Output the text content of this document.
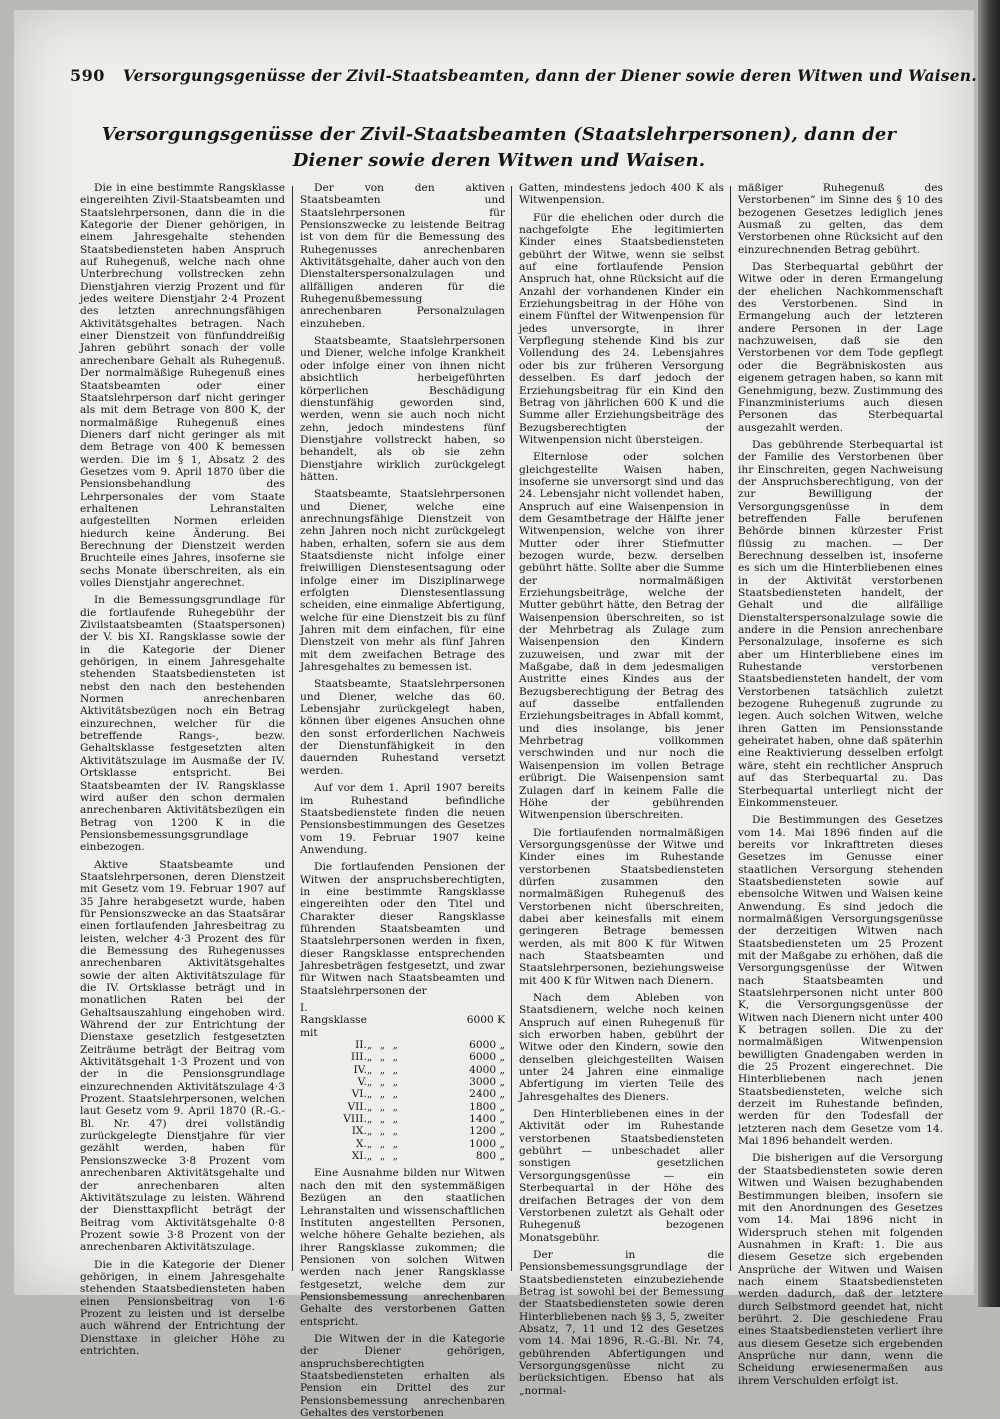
590 Versorgungsgenüsse der Zivil-Staatsbeamten, dann der Diener sowie deren Witwen und Waisen.
Versorgungsgenüsse der Zivil-Staatsbeamten (Staatslehrpersonen), dann der Diener sowie deren Witwen und Waisen.

Die in eine bestimmte Rangsklasse eingereihten Zivil-Staatsbeamten und Staatslehrpersonen, dann die in die Kategorie der Diener gehörigen, in einem Jahresgehalte stehenden Staatsbediensteten haben Anspruch auf Ruhegenuß, welche nach ohne Unterbrechung vollstrecken zehn Dienstjahren vierzig Prozent und für jedes weitere Dienstjahr 2·4 Prozent des letzten anrechnungsfähigen Aktivitätsgehaltes betragen. Nach einer Dienstzeit von fünfunddreißig Jahren gebührt sonach der volle anrechenbare Gehalt als Ruhegenuß. Der normalmäßige Ruhegenuß eines Staatsbeamten oder einer Staatslehrperson darf nicht geringer als mit dem Betrage von 800 K, der normalmäßige Ruhegenuß eines Dieners darf nicht geringer als mit dem Betrage von 400 K bemessen werden. Die im § 1, Absatz 2 des Gesetzes vom 9. April 1870 über die Pensionsbehandlung des Lehrpersonales der vom Staate erhaltenen Lehranstalten aufgestellten Normen erleiden hiedurch keine Änderung. Bei Berechnung der Dienstzeit werden Bruchteile eines Jahres, insoferne sie sechs Monate überschreiten, als ein volles Dienstjahr angerechnet.

In die Bemessungsgrundlage für die fortlaufende Ruhegebühr der Zivilstaatsbeamten (Staatspersonen) der V. bis XI. Rangsklasse sowie der in die Kategorie der Diener gehörigen, in einem Jahresgehalte stehenden Staatsbediensteten ist nebst den nach den bestehenden Normen anrechenbaren Aktivitätsbezügen noch ein Betrag einzurechnen, welcher für die betreffende Rangs-, bezw. Gehaltsklasse festgesetzten alten Aktivitätszulage im Ausmaße der IV. Ortsklasse entspricht. Bei Staatsbeamten der IV. Rangsklasse wird außer den schon dermalen anrechenbaren Aktivitätsbezügen ein Betrag von 1200 K in die Pensionsbemessungsgrundlage einbezogen.

Aktive Staatsbeamte und Staatslehrpersonen, deren Dienstzeit mit Gesetz vom 19. Februar 1907 auf 35 Jahre herabgesetzt wurde, haben für Pensionszwecke an das Staatsärar einen fortlaufenden Jahresbeitrag zu leisten, welcher 4·3 Prozent des für die Bemessung des Ruhegenusses anrechenbaren Aktivitätsgehaltes sowie der alten Aktivitätszulage für die IV. Ortsklasse beträgt und in monatlichen Raten bei der Gehaltsauszahlung eingehoben wird. Während der zur Entrichtung der Dienstaxe gesetzlich festgesetzten Zeiträume beträgt der Beitrag vom Aktivitätsgehalt 1·3 Prozent und von der in die Pensionsgrundlage einzurechnenden Aktivitätszulage 4·3 Prozent. Staatslehrpersonen, welchen laut Gesetz vom 9. April 1870 (R.-G.-Bl. Nr. 47) drei vollständig zurückgelegte Dienstjahre für vier gezählt werden, haben für Pensionszwecke 3·8 Prozent vom anrechenbaren Aktivitätsgehalte und der anrechenbaren alten Aktivitätszulage zu leisten. Während der Diensttaxpflicht beträgt der Beitrag vom Aktivitätsgehalte 0·8 Prozent sowie 3·8 Prozent von der anrechenbaren Aktivitätszulage.

Die in die Kategorie der Diener gehörigen, in einem Jahresgehalte stehenden Staatsbediensteten haben einen Pensionsbeitrag von 1·6 Prozent zu leisten und ist derselbe auch während der Entrichtung der Diensttaxe in gleicher Höhe zu entrichten.

Der von den aktiven Staatsbeamten und Staatslehrpersonen für Pensionszwecke zu leistende Beitrag ist von dem für die Bemessung des Ruhegenusses anrechenbaren Aktivitätsgehalte, daher auch von den Dienstalterspersonalzulagen und allfälligen anderen für die Ruhegenußbemessung anrechenbaren Personalzulagen einzuheben.

Staatsbeamte, Staatslehrpersonen und Diener, welche infolge Krankheit oder infolge einer von ihnen nicht absichtlich herbeigeführten körperlichen Beschädigung dienstunfähig geworden sind, werden, wenn sie auch noch nicht zehn, jedoch mindestens fünf Dienstjahre vollstreckt haben, so behandelt, als ob sie zehn Dienstjahre wirklich zurückgelegt hätten.

Staatsbeamte, Staatslehrpersonen und Diener, welche eine anrechnungsfähige Dienstzeit von zehn Jahren noch nicht zurückgelegt haben, erhalten, sofern sie aus dem Staatsdienste nicht infolge einer freiwilligen Dienstesentsagung oder infolge einer im Disziplinarwege erfolgten Dienstesentlassung scheiden, eine einmalige Abfertigung, welche für eine Dienstzeit bis zu fünf Jahren mit dem einfachen, für eine Dienstzeit von mehr als fünf Jahren mit dem zweifachen Betrage des Jahresgehaltes zu bemessen ist.

Staatsbeamte, Staatslehrpersonen und Diener, welche das 60. Lebensjahr zurückgelegt haben, können über eigenes Ansuchen ohne den sonst erforderlichen Nachweis der Dienstunfähigkeit in den dauernden Ruhestand versetzt werden.

Auf vor dem 1. April 1907 bereits im Ruhestand befindliche Staatsbedienstete finden die neuen Pensionsbestimmungen des Gesetzes vom 19. Februar 1907 keine Anwendung.

Die fortlaufenden Pensionen der Witwen der anspruchsberechtigten, in eine bestimmte Rangsklasse eingereihten oder den Titel und Charakter dieser Rangsklasse führenden Staatsbeamten und Staatslehrpersonen werden in fixen, dieser Rangsklasse entsprechenden Jahresbeträgen festgesetzt, und zwar für Witwen nach Staatsbeamten und Staatslehrpersonen der

I. Rangsklasse mit		6000 K
II.	„ „ „	6000 „
III.	„ „ „	6000 „
IV.	„ „ „	4000 „
V.	„ „ „	3000 „
VI.	„ „ „	2400 „
VII.	„ „ „	1800 „
VIII.	„ „ „	1400 „
IX.	„ „ „	1200 „
X.	„ „ „	1000 „
XI.	„ „ „	800 „

Eine Ausnahme bilden nur Witwen nach den mit den systemmäßigen Bezügen an den staatlichen Lehranstalten und wissenschaftlichen Instituten angestellten Personen, welche höhere Gehalte beziehen, als ihrer Rangsklasse zukommen; die Pensionen von solchen Witwen werden nach jener Rangsklasse festgesetzt, welche dem zur Pensionsbemessung anrechenbaren Gehalte des verstorbenen Gatten entspricht.

Die Witwen der in die Kategorie der Diener gehörigen, anspruchsberechtigten Staatsbediensteten erhalten als Pension ein Drittel des zur Pensionsbemessung anrechenbaren Gehaltes des verstorbenen

Gatten, mindestens jedoch 400 K als Witwenpension.

Für die ehelichen oder durch die nachgefolgte Ehe legitimierten Kinder eines Staatsbediensteten gebührt der Witwe, wenn sie selbst auf eine fortlaufende Pension Anspruch hat, ohne Rücksicht auf die Anzahl der vorhandenen Kinder ein Erziehungsbeitrag in der Höhe von einem Fünftel der Witwenpension für jedes unversorgte, in ihrer Verpflegung stehende Kind bis zur Vollendung des 24. Lebensjahres oder bis zur früheren Versorgung desselben. Es darf jedoch der Erziehungsbeitrag für ein Kind den Betrag von jährlichen 600 K und die Summe aller Erziehungsbeiträge des Bezugsberechtigten der Witwenpension nicht übersteigen.

Elternlose oder solchen gleichgestellte Waisen haben, insoferne sie unversorgt sind und das 24. Lebensjahr nicht vollendet haben, Anspruch auf eine Waisenpension in dem Gesamtbetrage der Hälfte jener Witwenpension, welche von ihrer Mutter oder ihrer Stiefmutter bezogen wurde, bezw. derselben gebührt hätte. Sollte aber die Summe der normalmäßigen Erziehungsbeiträge, welche der Mutter gebührt hätte, den Betrag der Waisenpension überschreiten, so ist der Mehrbetrag als Zulage zum Waisenpension den Kindern zuzuweisen, und zwar mit der Maßgabe, daß in dem jedesmaligen Austritte eines Kindes aus der Bezugsberechtigung der Betrag des auf dasselbe entfallenden Erziehungsbeitrages in Abfall kommt, und dies insolange, bis jener Mehrbetrag vollkommen verschwinden und nur noch die Waisenpension im vollen Betrage erübrigt. Die Waisenpension samt Zulagen darf in keinem Falle die Höhe der gebührenden Witwenpension überschreiten.

Die fortlaufenden normalmäßigen Versorgungsgenüsse der Witwe und Kinder eines im Ruhestande verstorbenen Staatsbediensteten dürfen zusammen den normalmäßigen Ruhegenuß des Verstorbenen nicht überschreiten, dabei aber keinesfalls mit einem geringeren Betrage bemessen werden, als mit 800 K für Witwen nach Staatsbeamten und Staatslehrpersonen, beziehungsweise mit 400 K für Witwen nach Dienern.

Nach dem Ableben von Staatsdienern, welche noch keinen Anspruch auf einen Ruhegenuß für sich erworben haben, gebührt der Witwe oder den Kindern, sowie den denselben gleichgestellten Waisen unter 24 Jahren eine einmalige Abfertigung im vierten Teile des Jahresgehaltes des Dieners.

Den Hinterbliebenen eines in der Aktivität oder im Ruhestande verstorbenen Staatsbediensteten gebührt — unbeschadet aller sonstigen gesetzlichen Versorgungsgenüsse — ein Sterbequartal in der Höhe des dreifachen Betrages der von dem Verstorbenen zuletzt als Gehalt oder Ruhegenuß bezogenen Monatsgebühr.

Der in die Pensionsbemessungsgrundlage der Staatsbediensteten einzubeziehende Betrag ist sowohl bei der Bemessung der Staatsbediensteten sowie deren Hinterbliebenen nach §§ 3, 5, zweiter Absatz, 7, 11 und 12 des Gesetzes vom 14. Mai 1896, R.-G.-Bl. Nr. 74, gebührenden Abfertigungen und Versorgungsgenüsse nicht zu berücksichtigen. Ebenso hat als „normal-

mäßiger Ruhegenuß des Verstorbenen” im Sinne des § 10 des bezogenen Gesetzes lediglich jenes Ausmaß zu gelten, das dem Verstorbenen ohne Rücksicht auf den einzurechnenden Betrag gebührt.

Das Sterbequartal gebührt der Witwe oder in deren Ermangelung der ehelichen Nachkommenschaft des Verstorbenen. Sind in Ermangelung auch der letzteren andere Personen in der Lage nachzuweisen, daß sie den Verstorbenen vor dem Tode gepflegt oder die Begräbniskosten aus eigenem getragen haben, so kann mit Genehmigung, bezw. Zustimmung des Finanzministeriums auch diesen Personen das Sterbequartal ausgezahlt werden.

Das gebührende Sterbequartal ist der Familie des Verstorbenen über ihr Einschreiten, gegen Nachweisung der Anspruchsberechtigung, von der zur Bewilligung der Versorgungsgenüsse in dem betreffenden Falle berufenen Behörde binnen kürzester Frist flüssig zu machen. — Der Berechnung desselben ist, insoferne es sich um die Hinterbliebenen eines in der Aktivität verstorbenen Staatsbediensteten handelt, der Gehalt und die allfällige Dienstalterspersonalzulage sowie die andere in die Pension anrechenbare Personalzulage, insoferne es sich aber um Hinterbliebene eines im Ruhestande verstorbenen Staatsbediensteten handelt, der vom Verstorbenen tatsächlich zuletzt bezogene Ruhegenuß zugrunde zu legen. Auch solchen Witwen, welche ihren Gatten im Pensionsstande geheiratet haben, ohne daß späterhin eine Reaktivierung desselben erfolgt wäre, steht ein rechtlicher Anspruch auf das Sterbequartal zu. Das Sterbequartal unterliegt nicht der Einkommensteuer.

Die Bestimmungen des Gesetzes vom 14. Mai 1896 finden auf die bereits vor Inkrafttreten dieses Gesetzes im Genusse einer staatlichen Versorgung stehenden Staatsbediensteten sowie auf ebensolche Witwen und Waisen keine Anwendung. Es sind jedoch die normalmäßigen Versorgungsgenüsse der derzeitigen Witwen nach Staatsbediensteten um 25 Prozent mit der Maßgabe zu erhöhen, daß die Versorgungsgenüsse der Witwen nach Staatsbeamten und Staatslehrpersonen nicht unter 800 K, die Versorgungsgenüsse der Witwen nach Dienern nicht unter 400 K betragen sollen. Die zu der normalmäßigen Witwenpension bewilligten Gnadengaben werden in die 25 Prozent eingerechnet. Die Hinterbliebenen nach jenen Staatsbediensteten, welche sich derzeit im Ruhestande befinden, werden für den Todesfall der letzteren nach dem Gesetze vom 14. Mai 1896 behandelt werden.

Die bisherigen auf die Versorgung der Staatsbediensteten sowie deren Witwen und Waisen bezughabenden Bestimmungen bleiben, insofern sie mit den Anordnungen des Gesetzes vom 14. Mai 1896 nicht in Widerspruch stehen mit folgenden Ausnahmen in Kraft: 1. Die aus diesem Gesetze sich ergebenden Ansprüche der Witwen und Waisen nach einem Staatsbediensteten werden dadurch, daß der letztere durch Selbstmord geendet hat, nicht berührt. 2. Die geschiedene Frau eines Staatsbediensteten verliert ihre aus diesem Gesetze sich ergebenden Ansprüche nur dann, wenn die Scheidung erwiesenermaßen aus ihrem Verschulden erfolgt ist.
